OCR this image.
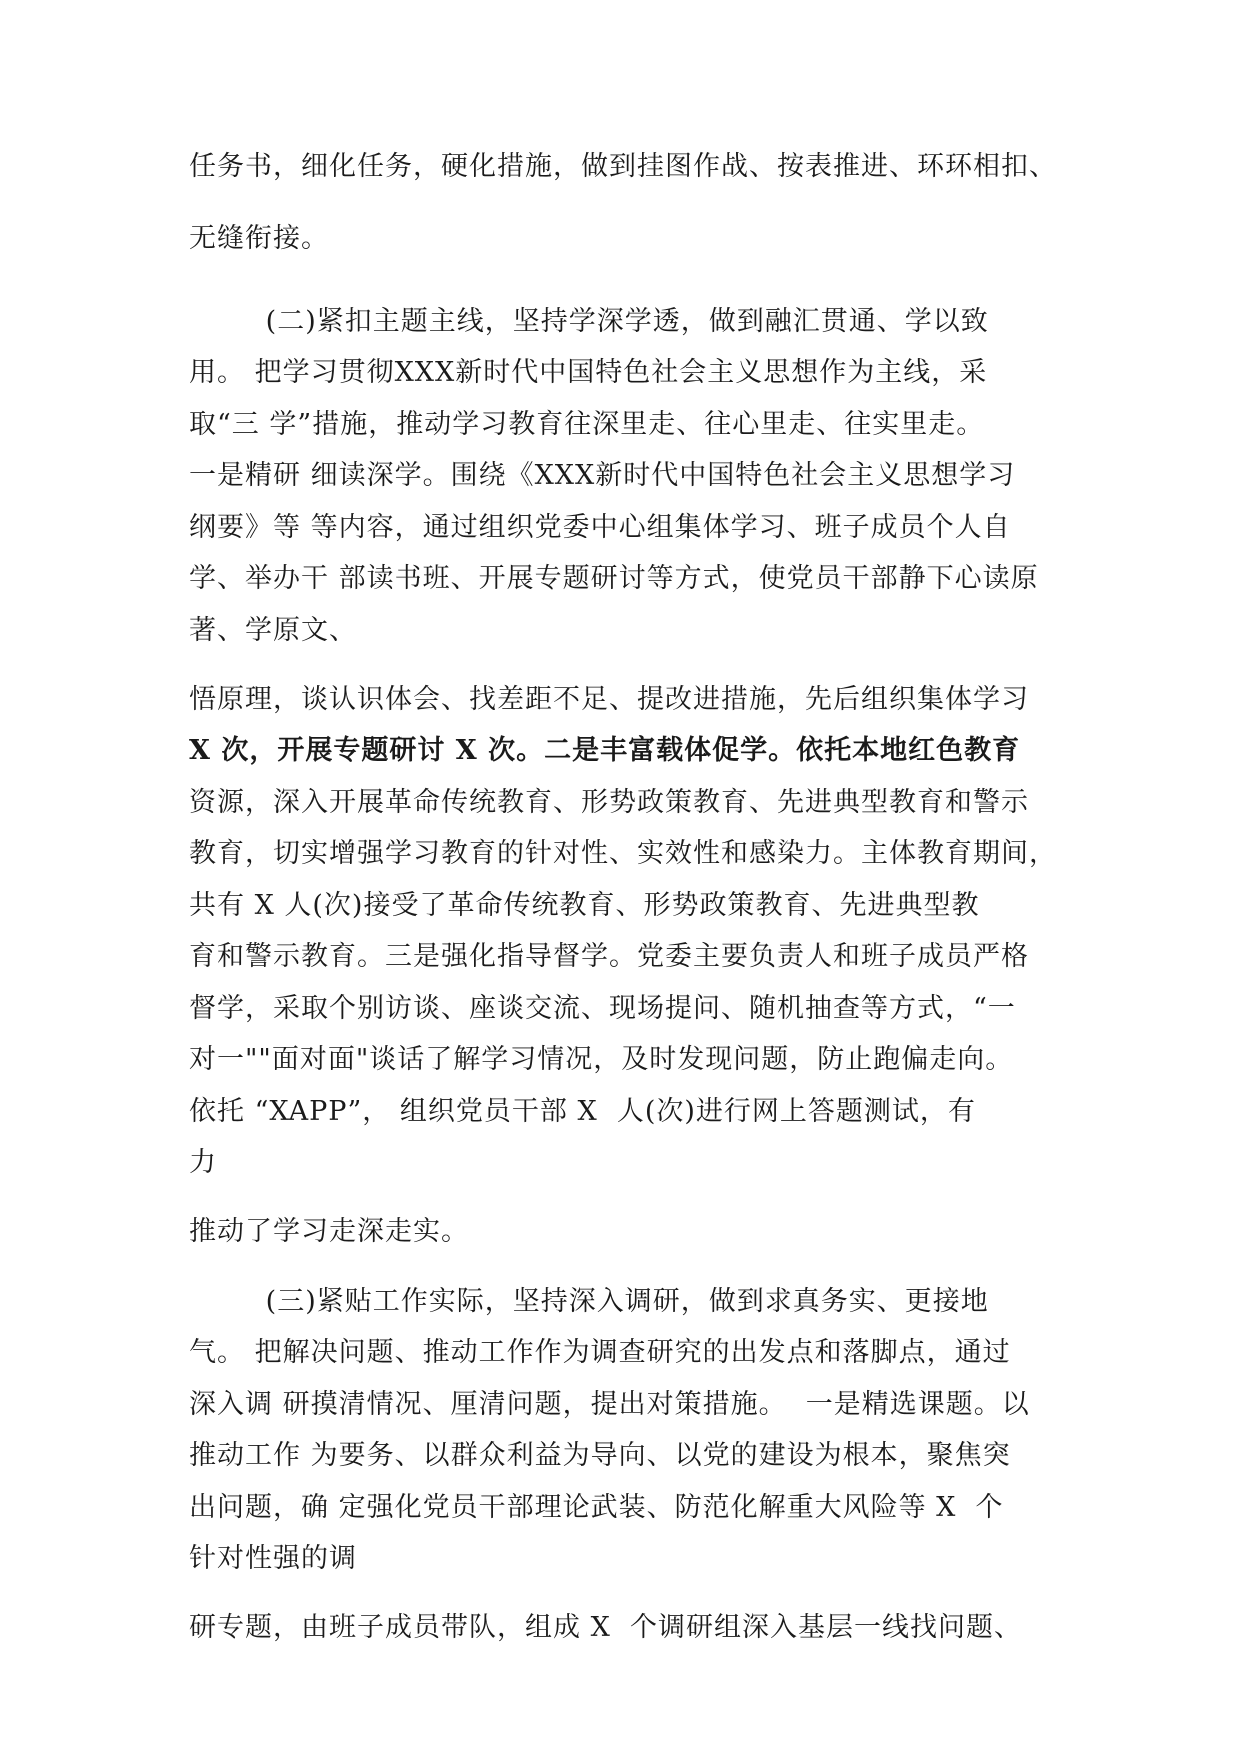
任务书，细化任务，硬化措施，做到挂图作战、按表推进、环环相扣、
无缝衔接。
(二)紧扣主题主线，坚持学深学透，做到融汇贯通、学以致
用。 把学习贯彻XXX新时代中国特色社会主义思想作为主线，采
取“三 学”措施，推动学习教育往深里走、往心里走、往实里走。
一是精研 细读深学。围绕《XXX新时代中国特色社会主义思想学习
纲要》等 等内容，通过组织党委中心组集体学习、班子成员个人自
学、举办干 部读书班、开展专题研讨等方式，使党员干部静下心读原
著、学原文、
悟原理，谈认识体会、找差距不足、提改进措施，先后组织集体学习
X 次，开展专题研讨 X 次。二是丰富载体促学。依托本地红色教育
资源，深入开展革命传统教育、形势政策教育、先进典型教育和警示
教育，切实增强学习教育的针对性、实效性和感染力。主体教育期间，
共有 X 人(次)接受了革命传统教育、形势政策教育、先进典型教
育和警示教育。三是强化指导督学。党委主要负责人和班子成员严格
督学，采取个别访谈、座谈交流、现场提问、随机抽查等方式，“一
对一""面对面"谈话了解学习情况，及时发现问题，防止跑偏走向。
依托 “XAPP”， 组织党员干部 X  人(次)进行网上答题测试，有
力
推动了学习走深走实。
(三)紧贴工作实际，坚持深入调研，做到求真务实、更接地
气。 把解决问题、推动工作作为调查研究的出发点和落脚点，通过
深入调 研摸清情况、厘清问题，提出对策措施。  一是精选课题。以
推动工作 为要务、以群众利益为导向、以党的建设为根本，聚焦突
出问题，确 定强化党员干部理论武装、防范化解重大风险等 X  个
针对性强的调
研专题，由班子成员带队，组成 X  个调研组深入基层一线找问题、
